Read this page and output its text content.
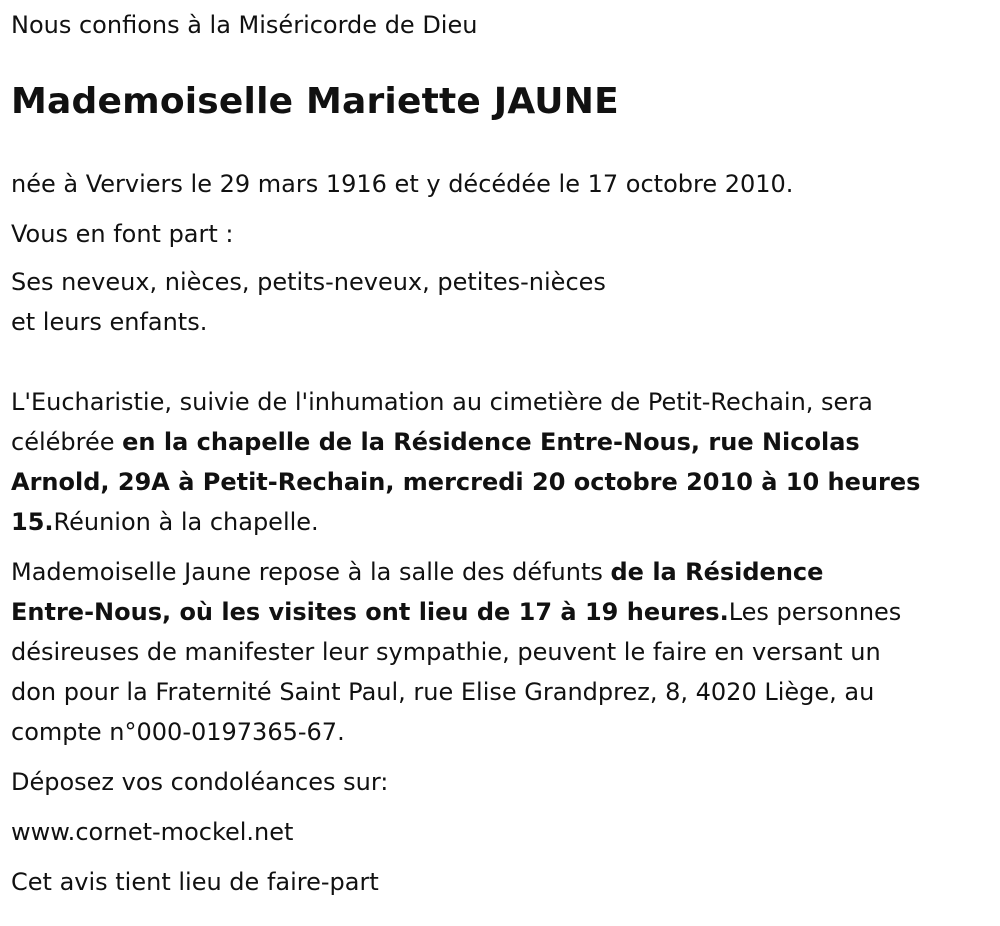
Nous confions à la Miséricorde de Dieu

Mademoiselle Mariette JAUNE

née à Verviers le 29 mars 1916 et y décédée le 17 octobre 2010.

Vous en font part :

Ses neveux, nièces, petits-neveux, petites-nièces

et leurs enfants.

L'Eucharistie, suivie de l'inhumation au cimetière de Petit-Rechain, sera

célébrée en la chapelle de la Résidence Entre-Nous, rue Nicolas

Arnold, 29A à Petit-Rechain, mercredi 20 octobre 2010 à 10 heures

15.Réunion à la chapelle.

Mademoiselle Jaune repose à la salle des défunts de la Résidence

Entre-Nous, où les visites ont lieu de 17 à 19 heures.Les personnes

désireuses de manifester leur sympathie, peuvent le faire en versant un

don pour la Fraternité Saint Paul, rue Elise Grandprez, 8, 4020 Liège, au

compte n°000-0197365-67.

Déposez vos condoléances sur:

www.cornet-mockel.net

Cet avis tient lieu de faire-part
